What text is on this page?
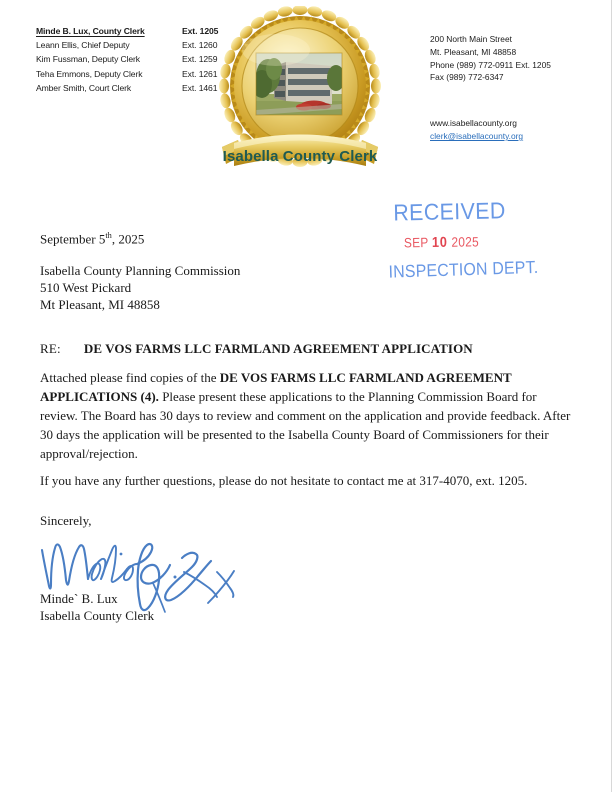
Minde B. Lux, County Clerk	Ext. 1205
Leann Ellis, Chief Deputy	Ext. 1260
Kim Fussman, Deputy Clerk	Ext. 1259
Teha Emmons, Deputy Clerk	Ext. 1261
Amber Smith, Court Clerk	Ext. 1461
Isabella County Clerk
200 North Main Street
Mt. Pleasant, MI 48858
Phone (989) 772-0911 Ext. 1205
Fax (989) 772-6347
www.isabellacounty.org
clerk@isabellacounty.org
RECEIVED
SEP 10 2025
INSPECTION DEPT.
September 5th, 2025
Isabella County Planning Commission
510 West Pickard
Mt Pleasant, MI 48858
RE: DE VOS FARMS LLC FARMLAND AGREEMENT APPLICATION
Attached please find copies of the DE VOS FARMS LLC FARMLAND AGREEMENT APPLICATIONS (4). Please present these applications to the Planning Commission Board for review. The Board has 30 days to review and comment on the application and provide feedback. After 30 days the application will be presented to the Isabella County Board of Commissioners for their approval/rejection.
If you have any further questions, please do not hesitate to contact me at 317-4070, ext. 1205.
Sincerely,
Minde` B. Lux
Isabella County Clerk
